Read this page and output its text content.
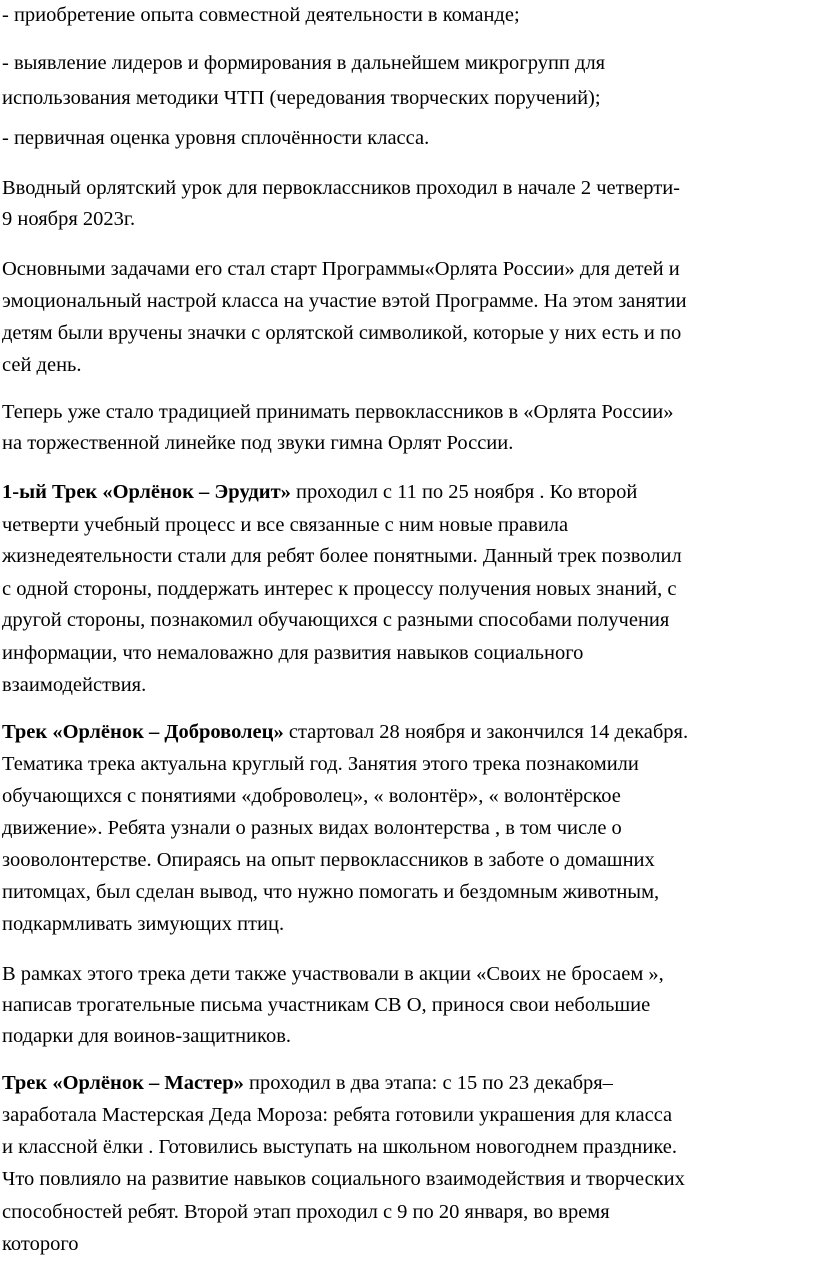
- приобретение опыта совместной деятельности в команде;
- выявление лидеров и формирования в дальнейшем микрогрупп для
использования методики ЧТП (чередования творческих поручений);
- первичная оценка уровня сплочённости класса.
Вводный орлятский урок для первоклассников проходил в начале 2 четверти-
9 ноября 2023г.
Основными задачами его стал старт Программы«Орлята России» для детей и
эмоциональный настрой класса на участие вэтой Программе. На этом занятии
детям были вручены значки с орлятской символикой, которые у них есть и по
сей день.
Теперь уже стало традицией принимать первоклассников в «Орлята России»
на торжественной линейке под звуки гимна Орлят России.
1-ый Трек «Орлёнок – Эрудит» проходил с 11 по 25 ноября . Ко второй
четверти учебный процесс и все связанные с ним новые правила
жизнедеятельности стали для ребят более понятными. Данный трек позволил
с одной стороны, поддержать интерес к процессу получения новых знаний, с
другой стороны, познакомил обучающихся с разными способами получения
информации, что немаловажно для развития навыков социального
взаимодействия.
Трек «Орлёнок – Доброволец» стартовал 28 ноября и закончился 14 декабря.
Тематика трека актуальна круглый год. Занятия этого трека познакомили
обучающихся с понятиями «доброволец», « волонтёр», « волонтёрское
движение». Ребята узнали о разных видах волонтерства , в том числе о
зооволонтерстве. Опираясь на опыт первоклассников в заботе о домашних
питомцах, был сделан вывод, что нужно помогать и бездомным животным,
подкармливать зимующих птиц.
В рамках этого трека дети также участвовали в акции «Своих не бросаем »,
написав трогательные письма участникам СВ О, принося свои небольшие
подарки для воинов-защитников.
Трек «Орлёнок – Мастер» проходил в два этапа: с 15 по 23 декабря–
заработала Мастерская Деда Мороза: ребята готовили украшения для класса
и классной ёлки . Готовились выступать на школьном новогоднем празднике.
Что повлияло на развитие навыков социального взаимодействия и творческих
способностей ребят. Второй этап проходил с 9 по 20 января, во время
которого
